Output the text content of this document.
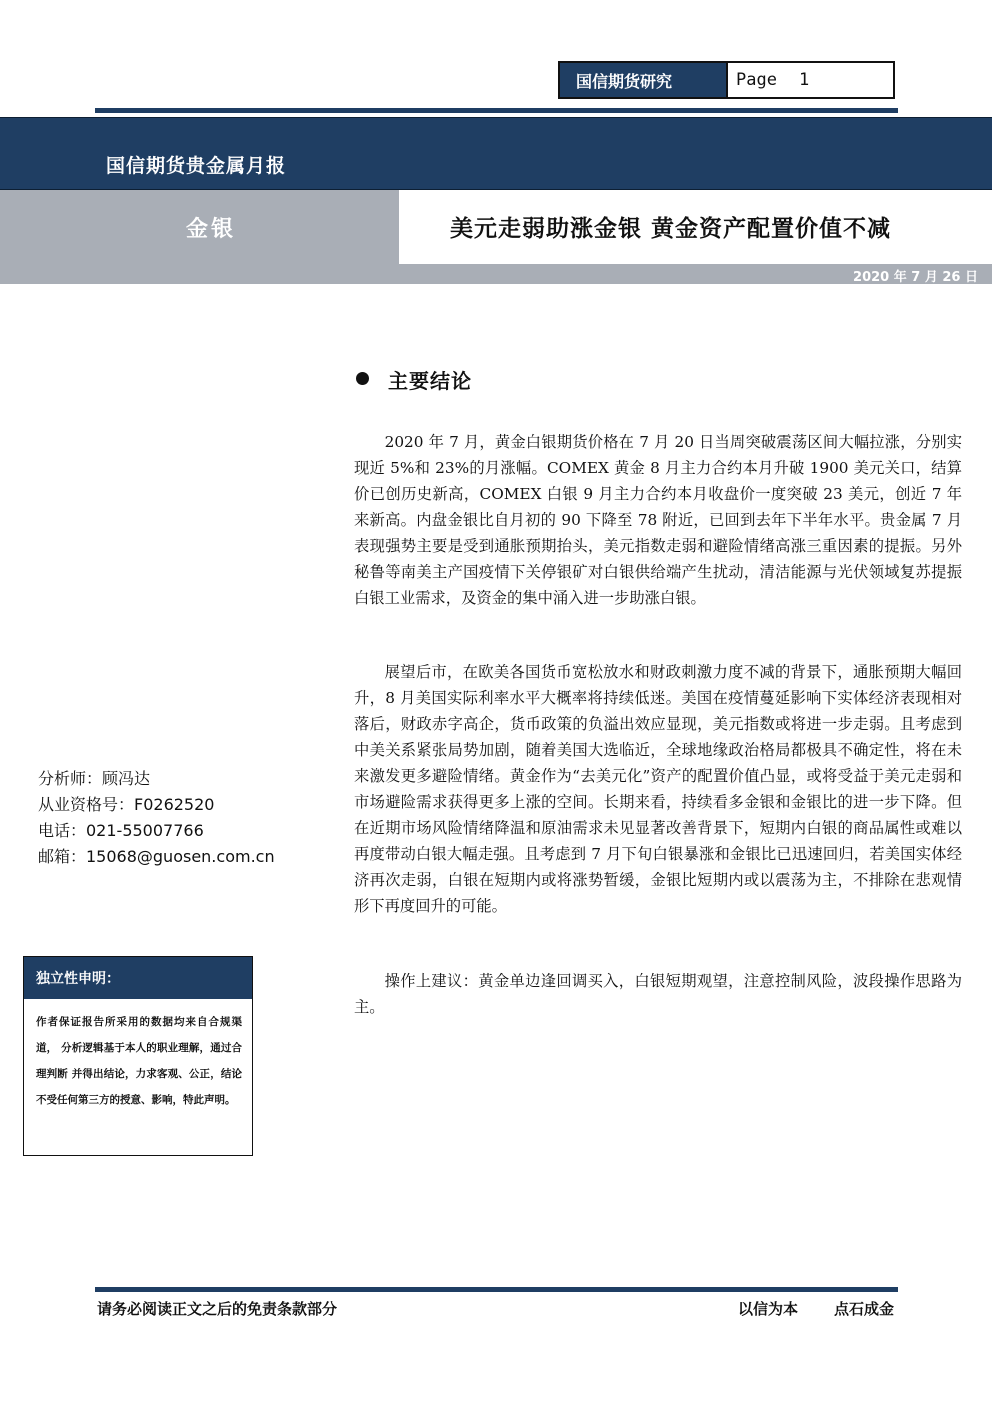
国信期货研究	Page 1
国信期货贵金属月报
金银	美元走弱助涨金银 黄金资产配置价值不减
2020 年 7 月 26 日
主要结论

2020 年 7 月，黄金白银期货价格在 7 月 20 日当周突破震荡区间大幅拉涨，分别实现近 5%和 23%的月涨幅。COMEX 黄金 8 月主力合约本月升破 1900 美元关口，结算价已创历史新高，COMEX 白银 9 月主力合约本月收盘价一度突破 23 美元，创近 7 年来新高。内盘金银比自月初的 90 下降至 78 附近，已回到去年下半年水平。贵金属 7 月表现强势主要是受到通胀预期抬头，美元指数走弱和避险情绪高涨三重因素的提振。另外秘鲁等南美主产国疫情下关停银矿对白银供给端产生扰动，清洁能源与光伏领域复苏提振白银工业需求，及资金的集中涌入进一步助涨白银。

展望后市，在欧美各国货币宽松放水和财政刺激力度不减的背景下，通胀预期大幅回升，8 月美国实际利率水平大概率将持续低迷。美国在疫情蔓延影响下实体经济表现相对落后，财政赤字高企，货币政策的负溢出效应显现，美元指数或将进一步走弱。且考虑到中美关系紧张局势加剧，随着美国大选临近，全球地缘政治格局都极具不确定性，将在未来激发更多避险情绪。黄金作为“去美元化”资产的配置价值凸显，或将受益于美元走弱和市场避险需求获得更多上涨的空间。长期来看，持续看多金银和金银比的进一步下降。但在近期市场风险情绪降温和原油需求未见显著改善背景下，短期内白银的商品属性或难以再度带动白银大幅走强。且考虑到 7 月下旬白银暴涨和金银比已迅速回归，若美国实体经济再次走弱，白银在短期内或将涨势暂缓，金银比短期内或以震荡为主，不排除在悲观情形下再度回升的可能。

操作上建议：黄金单边逢回调买入，白银短期观望，注意控制风险，波段操作思路为主。

分析师：顾冯达
从业资格号：F0262520
电话：021-55007766
邮箱：15068@guosen.com.cn
独立性申明：
作者保证报告所采用的数据均来自合规渠道， 分析逻辑基于本人的职业理解，通过合理判断 并得出结论，力求客观、公正，结论不受任何第三方的授意、影响，特此声明。
请务必阅读正文之后的免责条款部分	以信为本 点石成金
